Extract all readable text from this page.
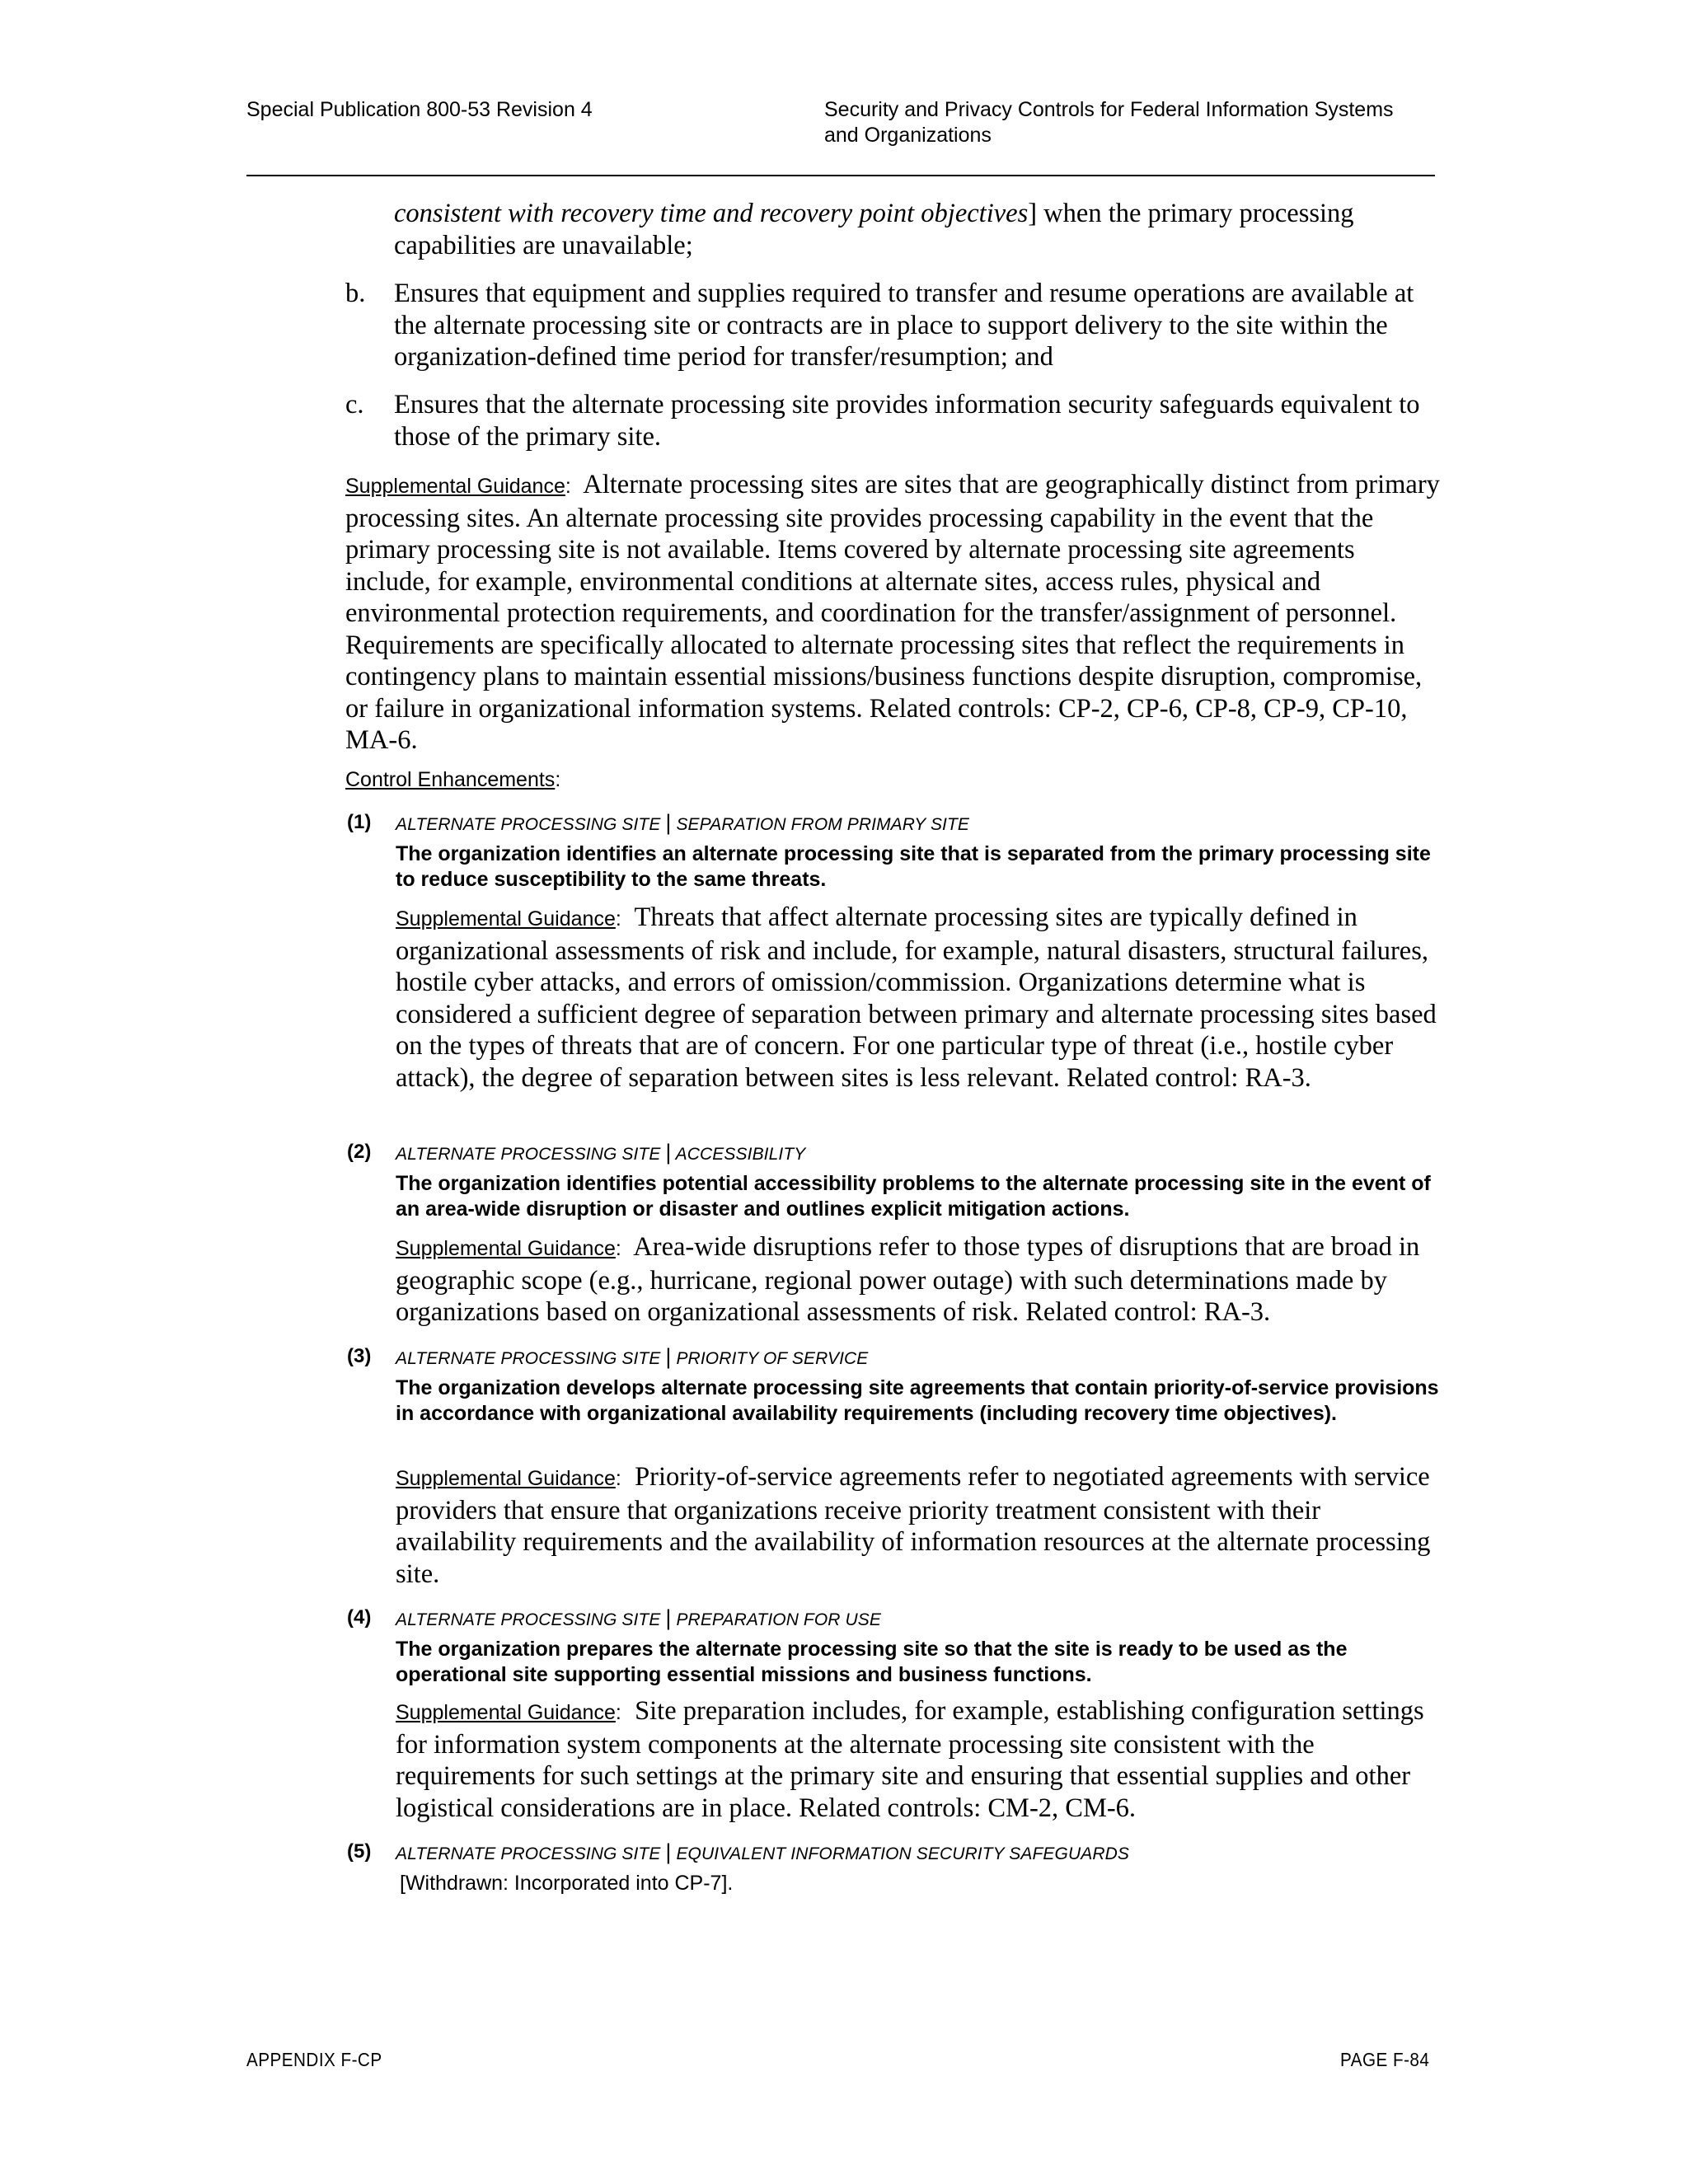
Special Publication 800-53 Revision 4	Security and Privacy Controls for Federal Information Systems
and Organizations

consistent with recovery time and recovery point objectives] when the primary processing capabilities are unavailable;

b. Ensures that equipment and supplies required to transfer and resume operations are available at the alternate processing site or contracts are in place to support delivery to the site within the organization-defined time period for transfer/resumption; and

c. Ensures that the alternate processing site provides information security safeguards equivalent to those of the primary site.

Supplemental Guidance: Alternate processing sites are sites that are geographically distinct from primary processing sites. An alternate processing site provides processing capability in the event that the primary processing site is not available. Items covered by alternate processing site agreements include, for example, environmental conditions at alternate sites, access rules, physical and environmental protection requirements, and coordination for the transfer/assignment of personnel. Requirements are specifically allocated to alternate processing sites that reflect the requirements in contingency plans to maintain essential missions/business functions despite disruption, compromise, or failure in organizational information systems. Related controls: CP-2, CP-6, CP-8, CP-9, CP-10, MA-6.

Control Enhancements:
(1) ALTERNATE PROCESSING SITE | SEPARATION FROM PRIMARY SITE
The organization identifies an alternate processing site that is separated from the primary processing site to reduce susceptibility to the same threats.

Supplemental Guidance: Threats that affect alternate processing sites are typically defined in organizational assessments of risk and include, for example, natural disasters, structural failures, hostile cyber attacks, and errors of omission/commission. Organizations determine what is considered a sufficient degree of separation between primary and alternate processing sites based on the types of threats that are of concern. For one particular type of threat (i.e., hostile cyber attack), the degree of separation between sites is less relevant. Related control: RA-3.

(2) ALTERNATE PROCESSING SITE | ACCESSIBILITY
The organization identifies potential accessibility problems to the alternate processing site in the event of an area-wide disruption or disaster and outlines explicit mitigation actions.

Supplemental Guidance: Area-wide disruptions refer to those types of disruptions that are broad in geographic scope (e.g., hurricane, regional power outage) with such determinations made by organizations based on organizational assessments of risk. Related control: RA-3.

(3) ALTERNATE PROCESSING SITE | PRIORITY OF SERVICE
The organization develops alternate processing site agreements that contain priority-of-service provisions in accordance with organizational availability requirements (including recovery time objectives).

Supplemental Guidance: Priority-of-service agreements refer to negotiated agreements with service providers that ensure that organizations receive priority treatment consistent with their availability requirements and the availability of information resources at the alternate processing site.

(4) ALTERNATE PROCESSING SITE | PREPARATION FOR USE
The organization prepares the alternate processing site so that the site is ready to be used as the operational site supporting essential missions and business functions.

Supplemental Guidance: Site preparation includes, for example, establishing configuration settings for information system components at the alternate processing site consistent with the requirements for such settings at the primary site and ensuring that essential supplies and other logistical considerations are in place. Related controls: CM-2, CM-6.

(5) ALTERNATE PROCESSING SITE | EQUIVALENT INFORMATION SECURITY SAFEGUARDS
[Withdrawn: Incorporated into CP-7].
APPENDIX F-CP	PAGE F-84
